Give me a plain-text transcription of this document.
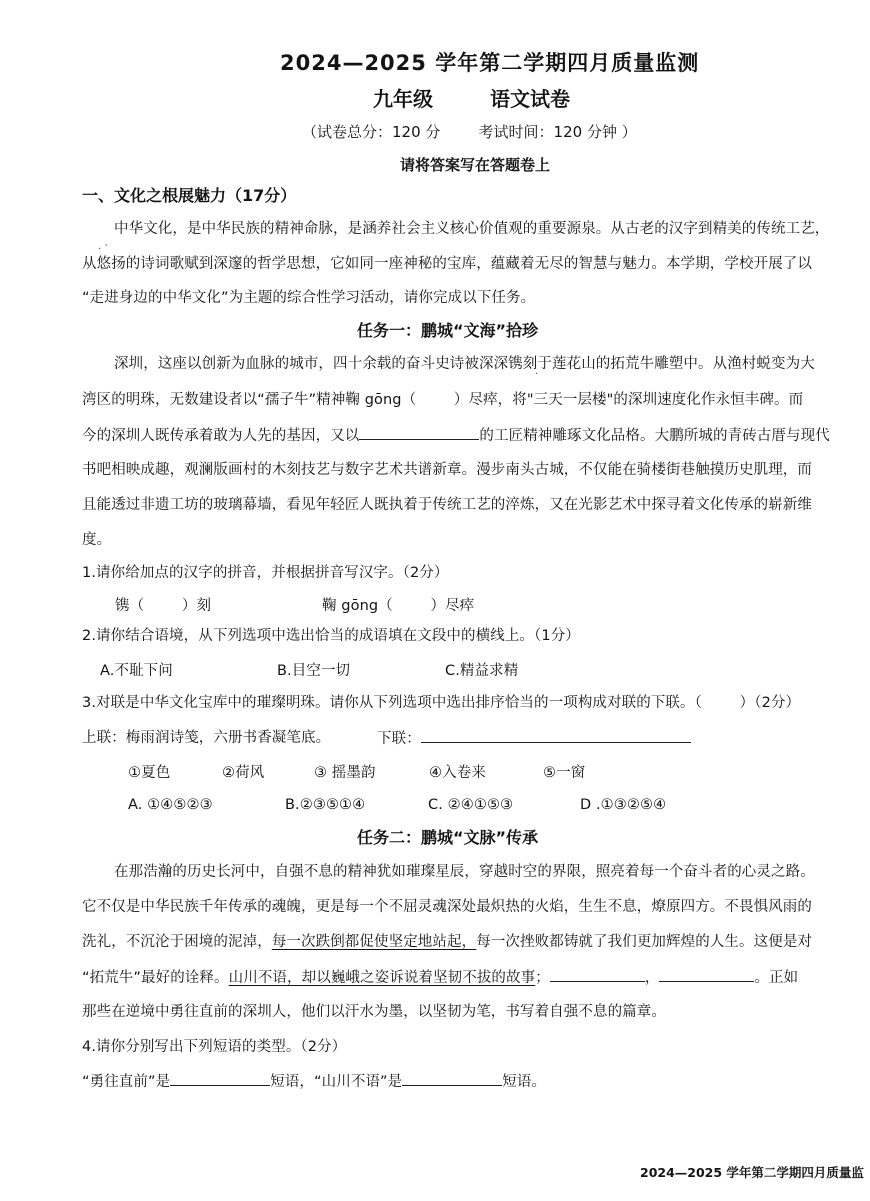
2024—2025 学年第二学期四月质量监测
九年级	语文试卷
（试卷总分：120 分        考试时间：120 分钟 ）
请将答案写在答题卷上
一、文化之根展魅力（17分）
中华文化，是中华民族的精神命脉，是涵养社会主义核心价值观的重要源泉。从古老的汉字到精美的传统工艺，
从悠扬的诗词歌赋到深邃的哲学思想，它如同一座神秘的宝库，蕴藏着无尽的智慧与魅力。本学期，学校开展了以
· ˋ
“走进身边的中华文化”为主题的综合性学习活动，请你完成以下任务。
任务一：鹏城“文海”拾珍
深圳，这座以创新为血脉的城市，四十余载的奋斗史诗被深深镌刻于莲花山的拓荒牛雕塑中。从渔村蜕变为大
·
湾区的明珠，无数建设者以“孺子牛”精神鞠 gōng（        ）尽瘁，将"三天一层楼"的深圳速度化作永恒丰碑。而
今的深圳人既传承着敢为人先的基因，又以	的工匠精神雕琢文化品格。大鹏所城的青砖古厝与现代
书吧相映成趣，观澜版画村的木刻技艺与数字艺术共谱新章。漫步南头古城，不仅能在骑楼街巷触摸历史肌理，而
且能透过非遗工坊的玻璃幕墙，看见年轻匠人既执着于传统工艺的淬炼，又在光影艺术中探寻着文化传承的崭新维
度。
1.请你给加点的汉字的拼音，并根据拼音写汉字。（2分）
镌（        ）刻	鞠 gōng（        ）尽瘁
2.请你结合语境，从下列选项中选出恰当的成语填在文段中的横线上。（1分）
A.不耻下问	B.目空一切	C.精益求精
3.对联是中华文化宝库中的璀璨明珠。请你从下列选项中选出排序恰当的一项构成对联的下联。（        ）（2分）
上联：梅雨润诗笺，六册书香凝笔底。	下联：
①夏色	②荷风	③ 摇墨韵	④入卷来	⑤一窗
A. ①④⑤②③	B.②③⑤①④	C. ②④①⑤③	D .①③②⑤④
任务二：鹏城“文脉”传承
在那浩瀚的历史长河中，自强不息的精神犹如璀璨星辰，穿越时空的界限，照亮着每一个奋斗者的心灵之路。
它不仅是中华民族千年传承的魂魄，更是每一个不屈灵魂深处最炽热的火焰，生生不息，燎原四方。不畏惧风雨的
洗礼，不沉沦于困境的泥淖，每一次跌倒都促使坚定地站起，每一次挫败都铸就了我们更加辉煌的人生。这便是对
“拓荒牛”最好的诠释。山川不语，却以巍峨之姿诉说着坚韧不拔的故事；	，	。正如
那些在逆境中勇往直前的深圳人，他们以汗水为墨，以坚韧为笔，书写着自强不息的篇章。
4.请你分别写出下列短语的类型。（2分）
“勇往直前”是	短语，“山川不语”是	短语。
2024—2025 学年第二学期四月质量监
